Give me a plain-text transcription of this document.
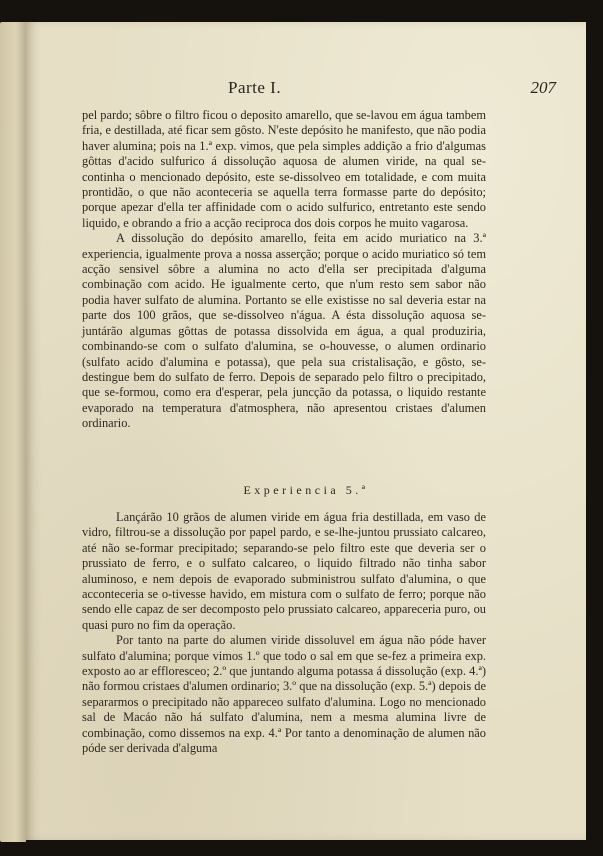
Parte I.	207

pel pardo; sôbre o filtro ficou o deposito amarello, que se-lavou em água tambem fria, e destillada, até ficar sem gôsto. N'este depósito he manifesto, que não podia haver alumina; pois na 1.ª exp. vimos, que pela simples addição a frio d'algumas gôttas d'acido sulfurico á dissolução aquosa de alumen viride, na qual se-continha o mencionado depósito, este se-dissolveo em totalidade, e com muita prontidão, o que não aconteceria se aquella terra formasse parte do depósito; porque apezar d'ella ter affinidade com o acido sulfurico, entretanto este sendo liquido, e obrando a frio a acção reciproca dos dois corpos he muito vagarosa.

A dissolução do depósito amarello, feita em acido muriatico na 3.ª experiencia, igualmente prova a nossa asserção; porque o acido muriatico só tem acção sensivel sôbre a alumina no acto d'ella ser precipitada d'alguma combinação com acido. He igualmente certo, que n'um resto sem sabor não podia haver sulfato de alumina. Portanto se elle existisse no sal deveria estar na parte dos 100 grãos, que se-dissolveo n'água. A ésta dissolução aquosa se-juntárão algumas gôttas de potassa dissolvida em água, a qual produziria, combinando-se com o sulfato d'alumina, se o-houvesse, o alumen ordinario (sulfato acido d'alumina e potassa), que pela sua cristalisação, e gôsto, se-destingue bem do sulfato de ferro. Depois de separado pelo filtro o precipitado, que se-formou, como era d'esperar, pela juncção da potassa, o liquido restante evaporado na temperatura d'atmosphera, não apresentou cristaes d'alumen ordinario.

Experiencia 5.ª

Lançárão 10 grãos de alumen viride em água fria destillada, em vaso de vidro, filtrou-se a dissolução por papel pardo, e se-lhe-juntou prussiato calcareo, até não se-formar precipitado; separando-se pelo filtro este que deveria ser o prussiato de ferro, e o sulfato calcareo, o liquido filtrado não tinha sabor aluminoso, e nem depois de evaporado subministrou sulfato d'alumina, o que acconteceria se o-tivesse havido, em mistura com o sulfato de ferro; porque não sendo elle capaz de ser decomposto pelo prussiato calcareo, appareceria puro, ou quasi puro no fim da operação.

Por tanto na parte do alumen viride dissoluvel em água não póde haver sulfato d'alumina; porque vimos 1.º que todo o sal em que se-fez a primeira exp. exposto ao ar effloresceo; 2.º que juntando alguma potassa á dissolução (exp. 4.ª) não formou cristaes d'alumen ordinario; 3.º que na dissolução (exp. 5.ª) depois de separarmos o precipitado não appareceo sulfato d'alumina. Logo no mencionado sal de Macáo não há sulfato d'alumina, nem a mesma alumina livre de combinação, como dissemos na exp. 4.ª Por tanto a denominação de alumen não póde ser derivada d'alguma
